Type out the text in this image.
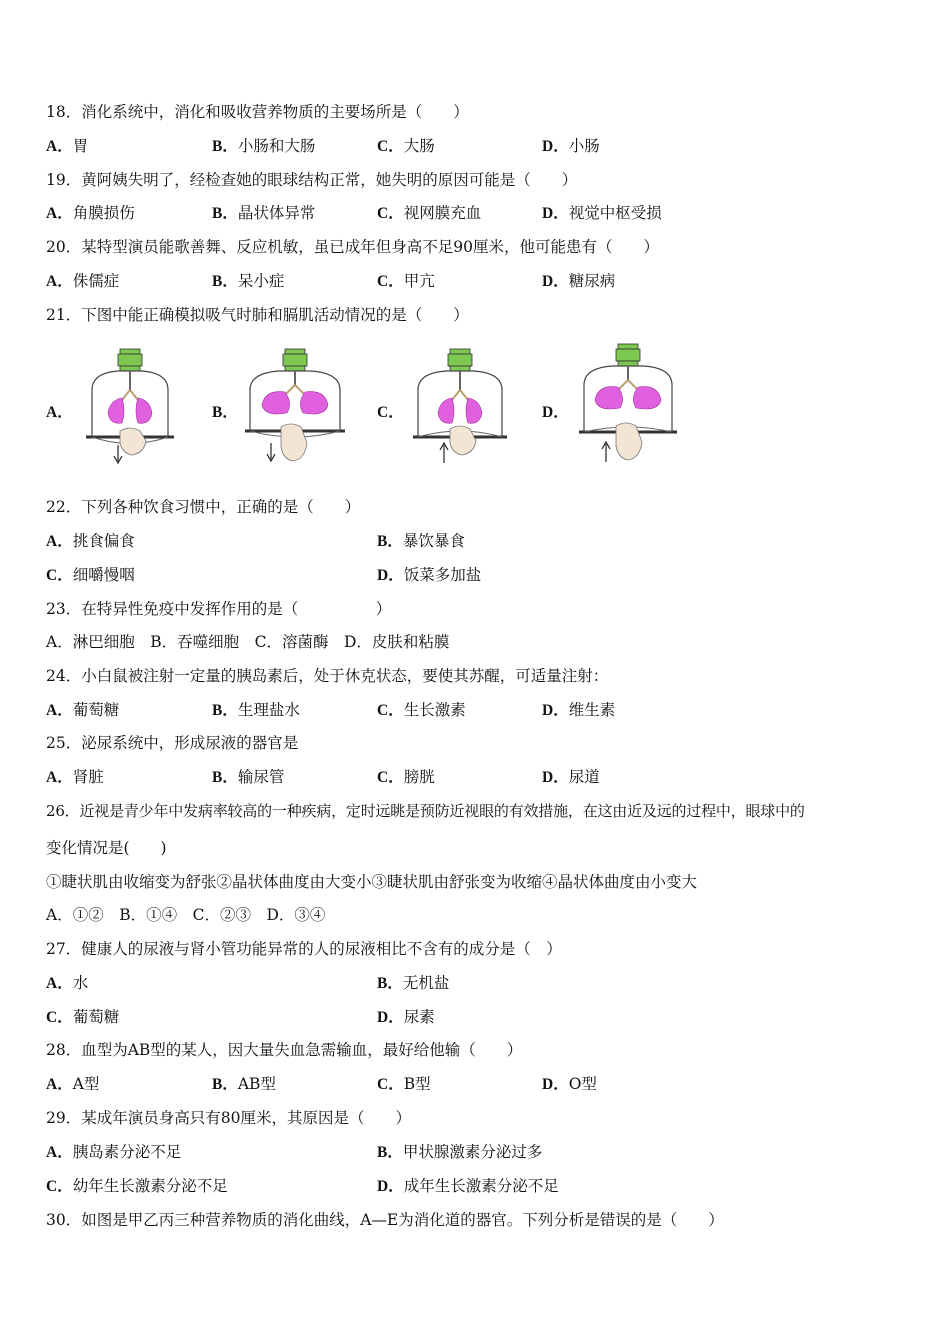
18．消化系统中，消化和吸收营养物质的主要场所是（　　）
A．胃	B．小肠和大肠	C．大肠	D．小肠
19．黄阿姨失明了，经检查她的眼球结构正常，她失明的原因可能是（　　）
A．角膜损伤	B．晶状体异常	C．视网膜充血	D．视觉中枢受损
20．某特型演员能歌善舞、反应机敏，虽已成年但身高不足90厘米，他可能患有（　　）
A．侏儒症	B．呆小症	C．甲亢	D．糖尿病
21．下图中能正确模拟吸气时肺和膈肌活动情况的是（　　）
A．	B．	C．	D．
22．下列各种饮食习惯中，正确的是（　　）
A．挑食偏食	B．暴饮暴食
C．细嚼慢咽	D．饭菜多加盐
23．在特异性免疫中发挥作用的是（　　　　　）
A．淋巴细胞　B．吞噬细胞　C．溶菌酶　D．皮肤和粘膜
24．小白鼠被注射一定量的胰岛素后，处于休克状态，要使其苏醒，可适量注射：
A．葡萄糖	B．生理盐水	C．生长激素	D．维生素
25．泌尿系统中，形成尿液的器官是
A．肾脏	B．输尿管	C．膀胱	D．尿道
26．近视是青少年中发病率较高的一种疾病，定时远眺是预防近视眼的有效措施，在这由近及远的过程中，眼球中的
变化情况是(　　)
①睫状肌由收缩变为舒张②晶状体曲度由大变小③睫状肌由舒张变为收缩④晶状体曲度由小变大
A．①②　B．①④　C．②③　D．③④
27．健康人的尿液与肾小管功能异常的人的尿液相比不含有的成分是（　）
A．水	B．无机盐
C．葡萄糖	D．尿素
28．血型为AB型的某人，因大量失血急需输血，最好给他输（　　）
A．A型	B．AB型	C．B型	D．O型
29．某成年演员身高只有80厘米，其原因是（　　）
A．胰岛素分泌不足	B．甲状腺激素分泌过多
C．幼年生长激素分泌不足	D．成年生长激素分泌不足
30．如图是甲乙丙三种营养物质的消化曲线，A—E为消化道的器官。下列分析是错误的是（　　）
